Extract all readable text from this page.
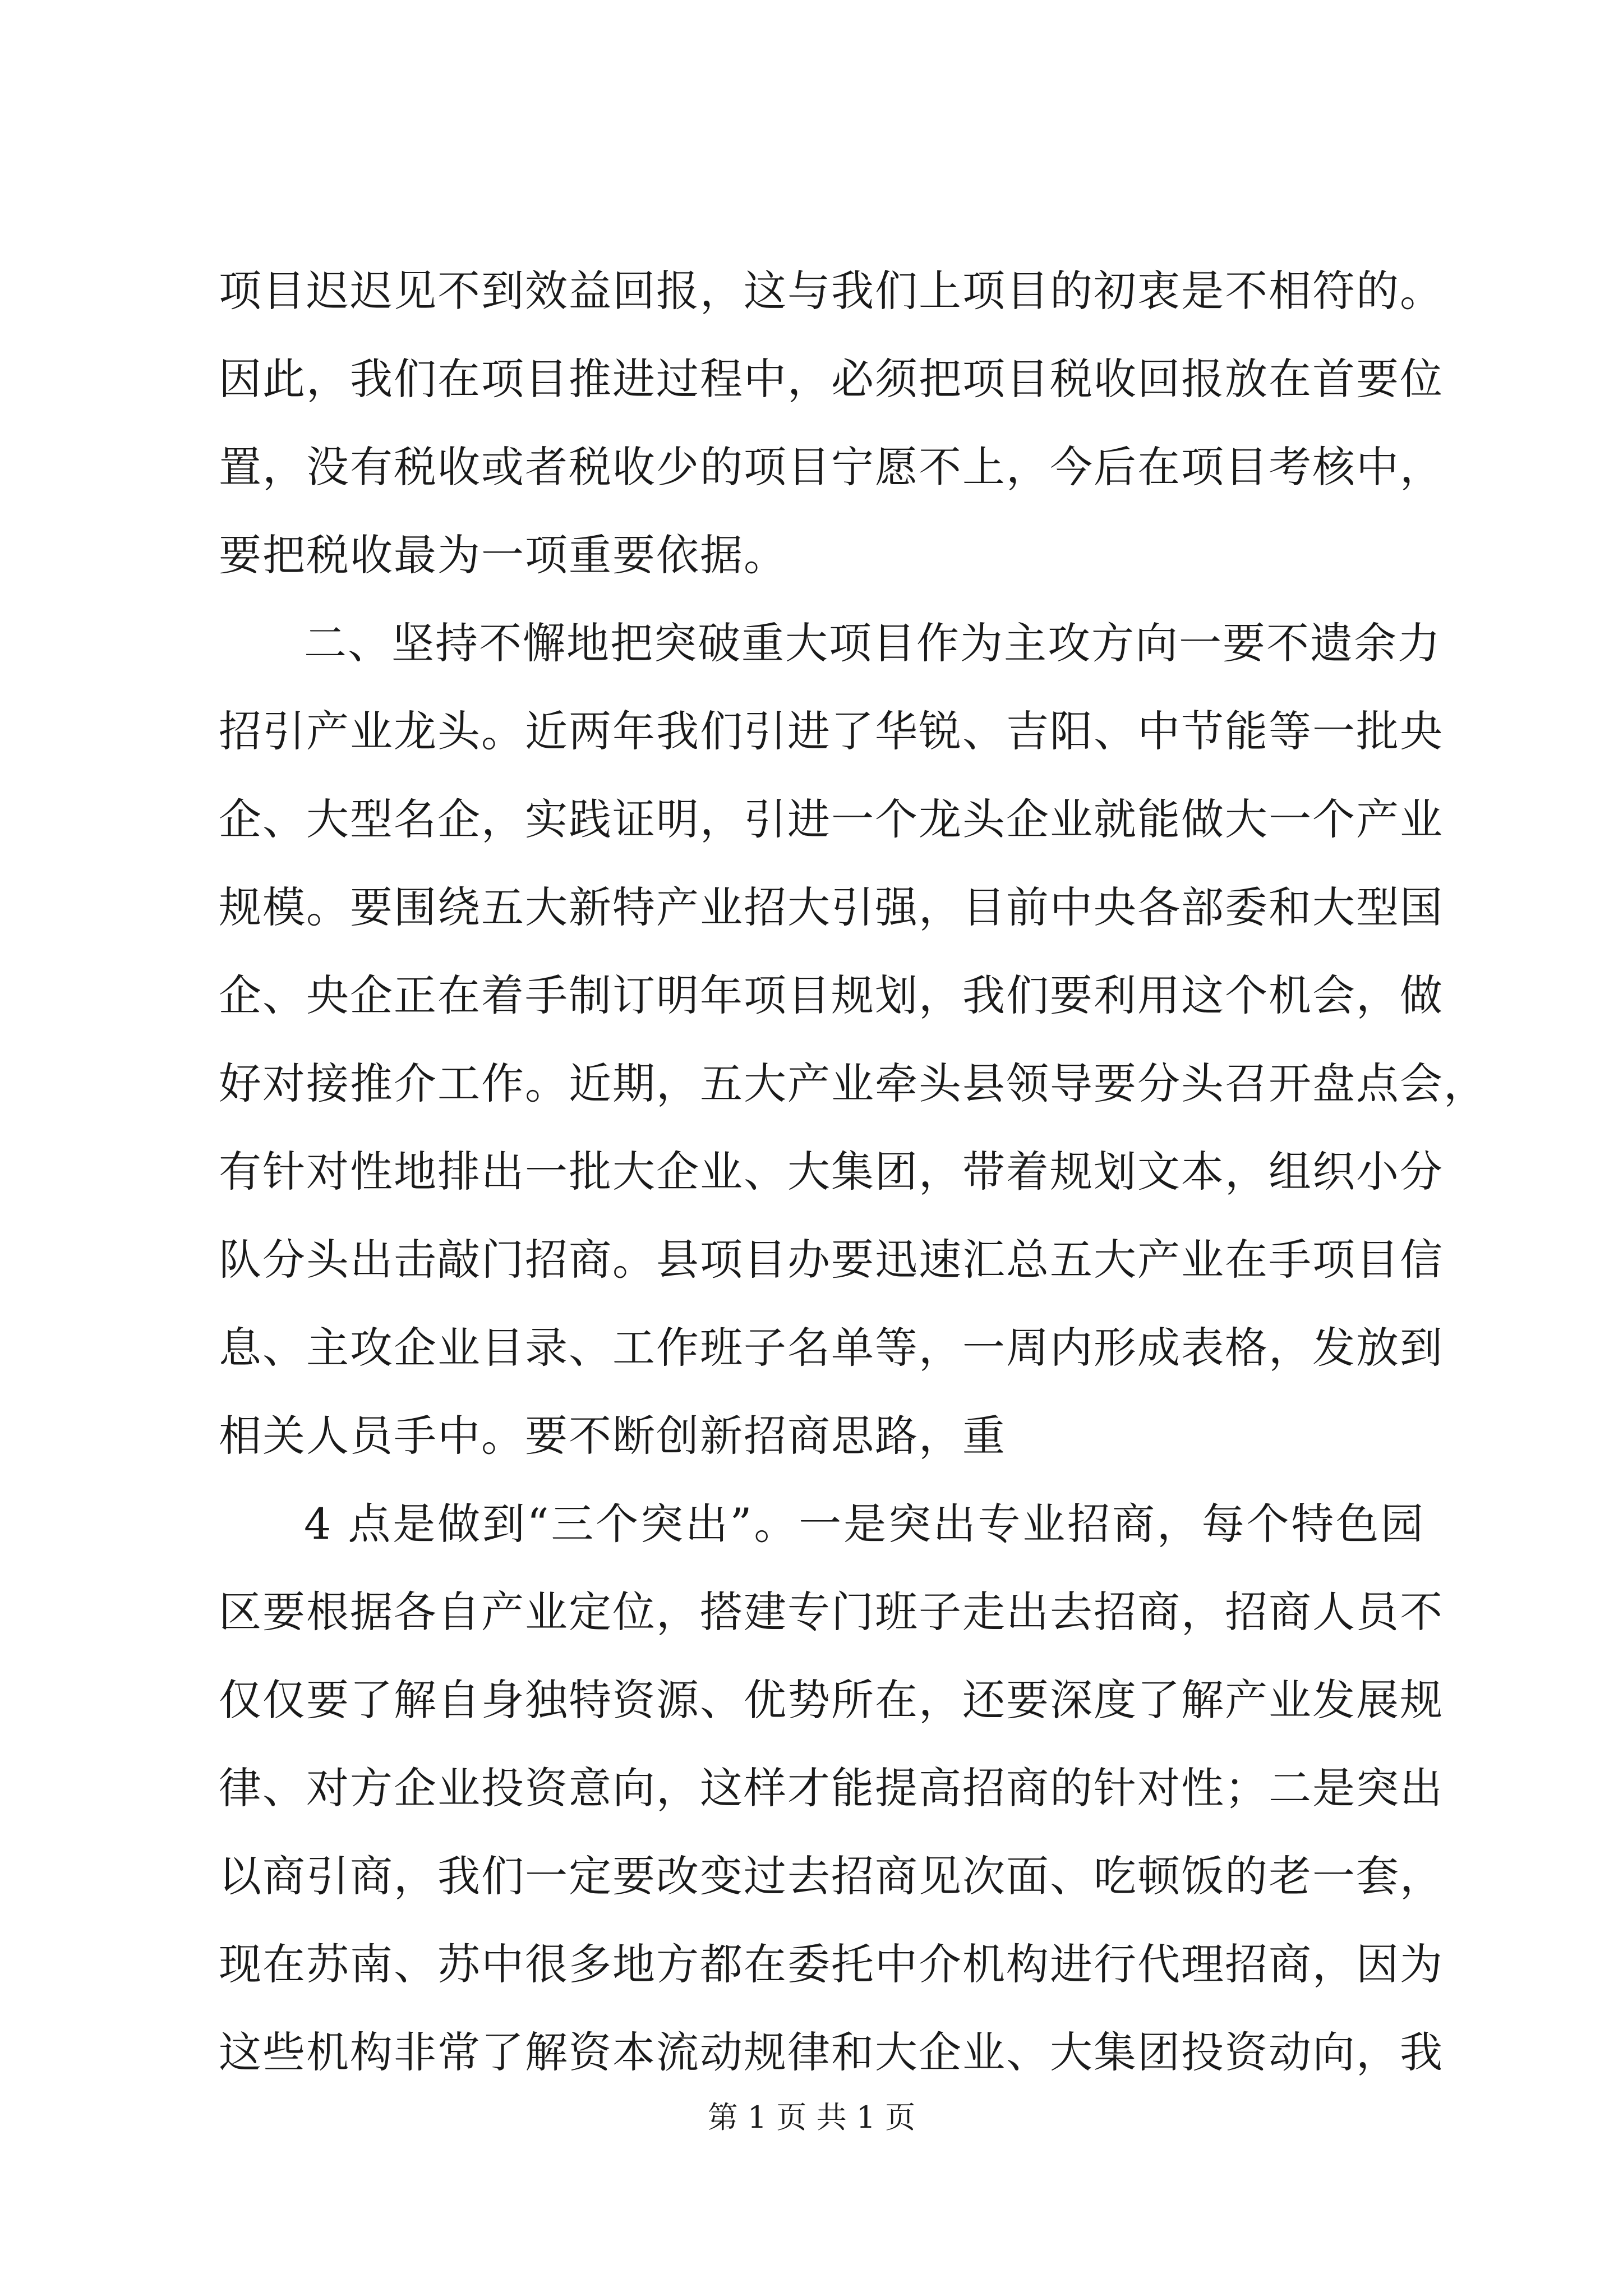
项目迟迟见不到效益回报，这与我们上项目的初衷是不相符的。
因此，我们在项目推进过程中，必须把项目税收回报放在首要位
置，没有税收或者税收少的项目宁愿不上，今后在项目考核中，
要把税收最为一项重要依据。
二、坚持不懈地把突破重大项目作为主攻方向一要不遗余力
招引产业龙头。近两年我们引进了华锐、吉阳、中节能等一批央
企、大型名企，实践证明，引进一个龙头企业就能做大一个产业
规模。要围绕五大新特产业招大引强，目前中央各部委和大型国
企、央企正在着手制订明年项目规划，我们要利用这个机会，做
好对接推介工作。近期，五大产业牵头县领导要分头召开盘点会，
有针对性地排出一批大企业、大集团，带着规划文本，组织小分
队分头出击敲门招商。县项目办要迅速汇总五大产业在手项目信
息、主攻企业目录、工作班子名单等，一周内形成表格，发放到
相关人员手中。要不断创新招商思路，重
4 点是做到“三个突出”。一是突出专业招商，每个特色园
区要根据各自产业定位，搭建专门班子走出去招商，招商人员不
仅仅要了解自身独特资源、优势所在，还要深度了解产业发展规
律、对方企业投资意向，这样才能提高招商的针对性；二是突出
以商引商，我们一定要改变过去招商见次面、吃顿饭的老一套，
现在苏南、苏中很多地方都在委托中介机构进行代理招商，因为
这些机构非常了解资本流动规律和大企业、大集团投资动向，我
第 1 页 共 1 页
